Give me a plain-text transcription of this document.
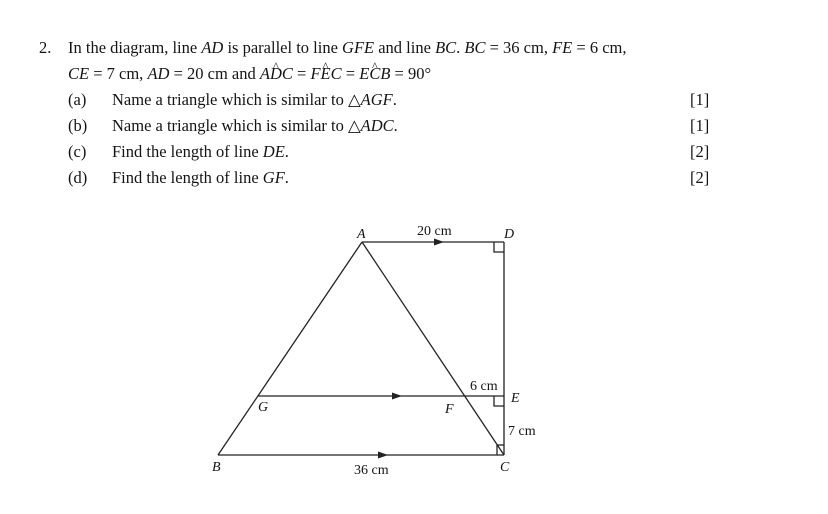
2. In the diagram, line AD is parallel to line GFE and line BC. BC = 36 cm, FE = 6 cm,
CE = 7 cm, AD = 20 cm and A^ DC = F^ EC = E^ CB = 90°
(a) Name a triangle which is similar to △AGF.	[1]
(b) Name a triangle which is similar to △ADC.	[1]
(c) Find the length of line DE.	[2]
(d) Find the length of line GF.	[2]
A	D
G	F
E
B	C
20 cm
6 cm
7 cm
36 cm
